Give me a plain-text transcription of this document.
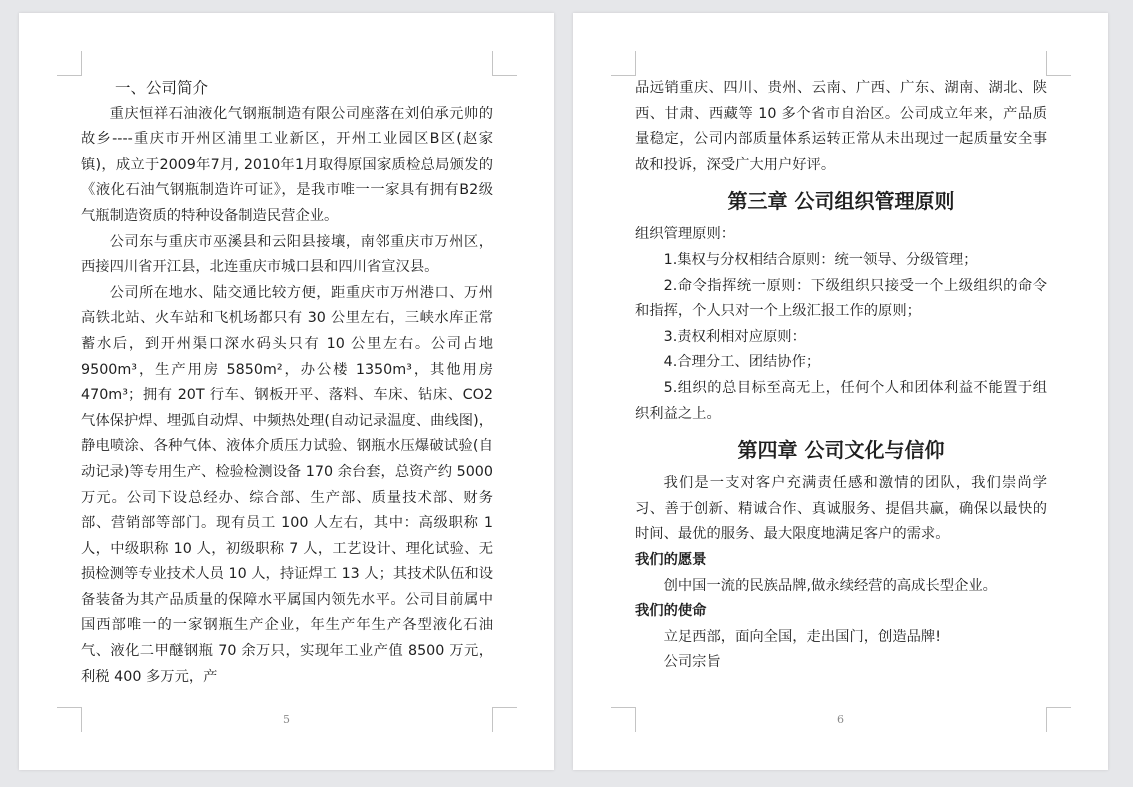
一、公司简介

重庆恒祥石油液化气钢瓶制造有限公司座落在刘伯承元帅的故乡----重庆市开州区浦里工业新区，开州工业园区B区(赵家镇)，成立于2009年7月, 2010年1月取得原国家质检总局颁发的《液化石油气钢瓶制造许可证》，是我市唯一一家具有拥有B2级气瓶制造资质的特种设备制造民营企业。

公司东与重庆市巫溪县和云阳县接壤，南邻重庆市万州区，西接四川省开江县，北连重庆市城口县和四川省宣汉县。

公司所在地水、陆交通比较方便，距重庆市万州港口、万州高铁北站、火车站和飞机场都只有 30 公里左右，三峡水库正常蓄水后，到开州渠口深水码头只有 10 公里左右。公司占地 9500m³，生产用房 5850m²，办公楼 1350m³，其他用房 470m³；拥有 20T 行车、钢板开平、落料、车床、钻床、CO2 气体保护焊、埋弧自动焊、中频热处理(自动记录温度、曲线图)，静电喷涂、各种气体、液体介质压力试验、钢瓶水压爆破试验(自动记录)等专用生产、检验检测设备 170 余台套，总资产约 5000 万元。公司下设总经办、综合部、生产部、质量技术部、财务部、营销部等部门。现有员工 100 人左右，其中：高级职称 1 人，中级职称 10 人，初级职称 7 人，工艺设计、理化试验、无损检测等专业技术人员 10 人，持证焊工 13 人；其技术队伍和设备装备为其产品质量的保障水平属国内领先水平。公司目前属中国西部唯一的一家钢瓶生产企业，年生产年生产各型液化石油气、液化二甲醚钢瓶 70 余万只，实现年工业产值 8500 万元，利税 400 多万元，产

5

品远销重庆、四川、贵州、云南、广西、广东、湖南、湖北、陕西、甘肃、西藏等 10 多个省市自治区。公司成立年来，产品质量稳定，公司内部质量体系运转正常从未出现过一起质量安全事故和投诉，深受广大用户好评。

第三章 公司组织管理原则

组织管理原则：

1.集权与分权相结合原则：统一领导、分级管理；

2.命令指挥统一原则：下级组织只接受一个上级组织的命令和指挥，个人只对一个上级汇报工作的原则；

3.责权利相对应原则：

4.合理分工、团结协作；

5.组织的总目标至高无上，任何个人和团体利益不能置于组织利益之上。

第四章 公司文化与信仰

我们是一支对客户充满责任感和激情的团队，我们崇尚学习、善于创新、精诚合作、真诚服务、提倡共赢，确保以最快的时间、最优的服务、最大限度地满足客户的需求。

我们的愿景

创中国一流的民族品牌,做永续经营的高成长型企业。

我们的使命

立足西部，面向全国，走出国门，创造品牌!

公司宗旨

6
